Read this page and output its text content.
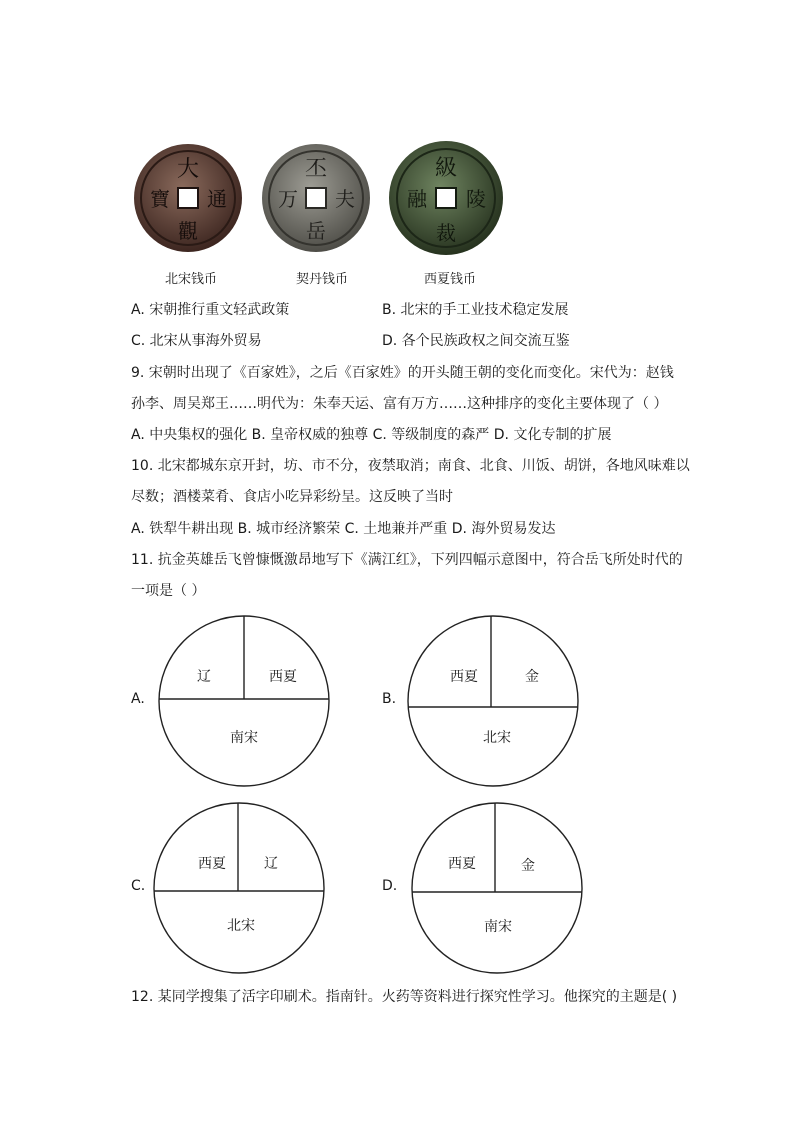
大
通
寶
觀
丕
夫
万
岳
級
陵
融
裁
北宋钱币	契丹钱币	西夏钱币
A. 宋朝推行重文轻武政策	B. 北宋的手工业技术稳定发展
C. 北宋从事海外贸易	D. 各个民族政权之间交流互鉴
9. 宋朝时出现了《百家姓》，之后《百家姓》的开头随王朝的变化而变化。宋代为：赵钱
孙李、周吴郑王……明代为：朱奉天运、富有万方……这种排序的变化主要体现了（ ）
A. 中央集权的强化 B. 皇帝权威的独尊 C. 等级制度的森严 D. 文化专制的扩展
10. 北宋都城东京开封，坊、市不分，夜禁取消；南食、北食、川饭、胡饼，各地风味难以
尽数；酒楼菜肴、食店小吃异彩纷呈。这反映了当时
A. 铁犁牛耕出现 B. 城市经济繁荣 C. 土地兼并严重 D. 海外贸易发达
11. 抗金英雄岳飞曾慷慨激昂地写下《满江红》，下列四幅示意图中，符合岳飞所处时代的
一项是（ ）
A.
辽	西夏
南宋
B.
西夏	金
北宋
C.
西夏	辽
北宋
D.
西夏	金
南宋
12. 某同学搜集了活字印刷术。指南针。火药等资料进行探究性学习。他探究的主题是( )
